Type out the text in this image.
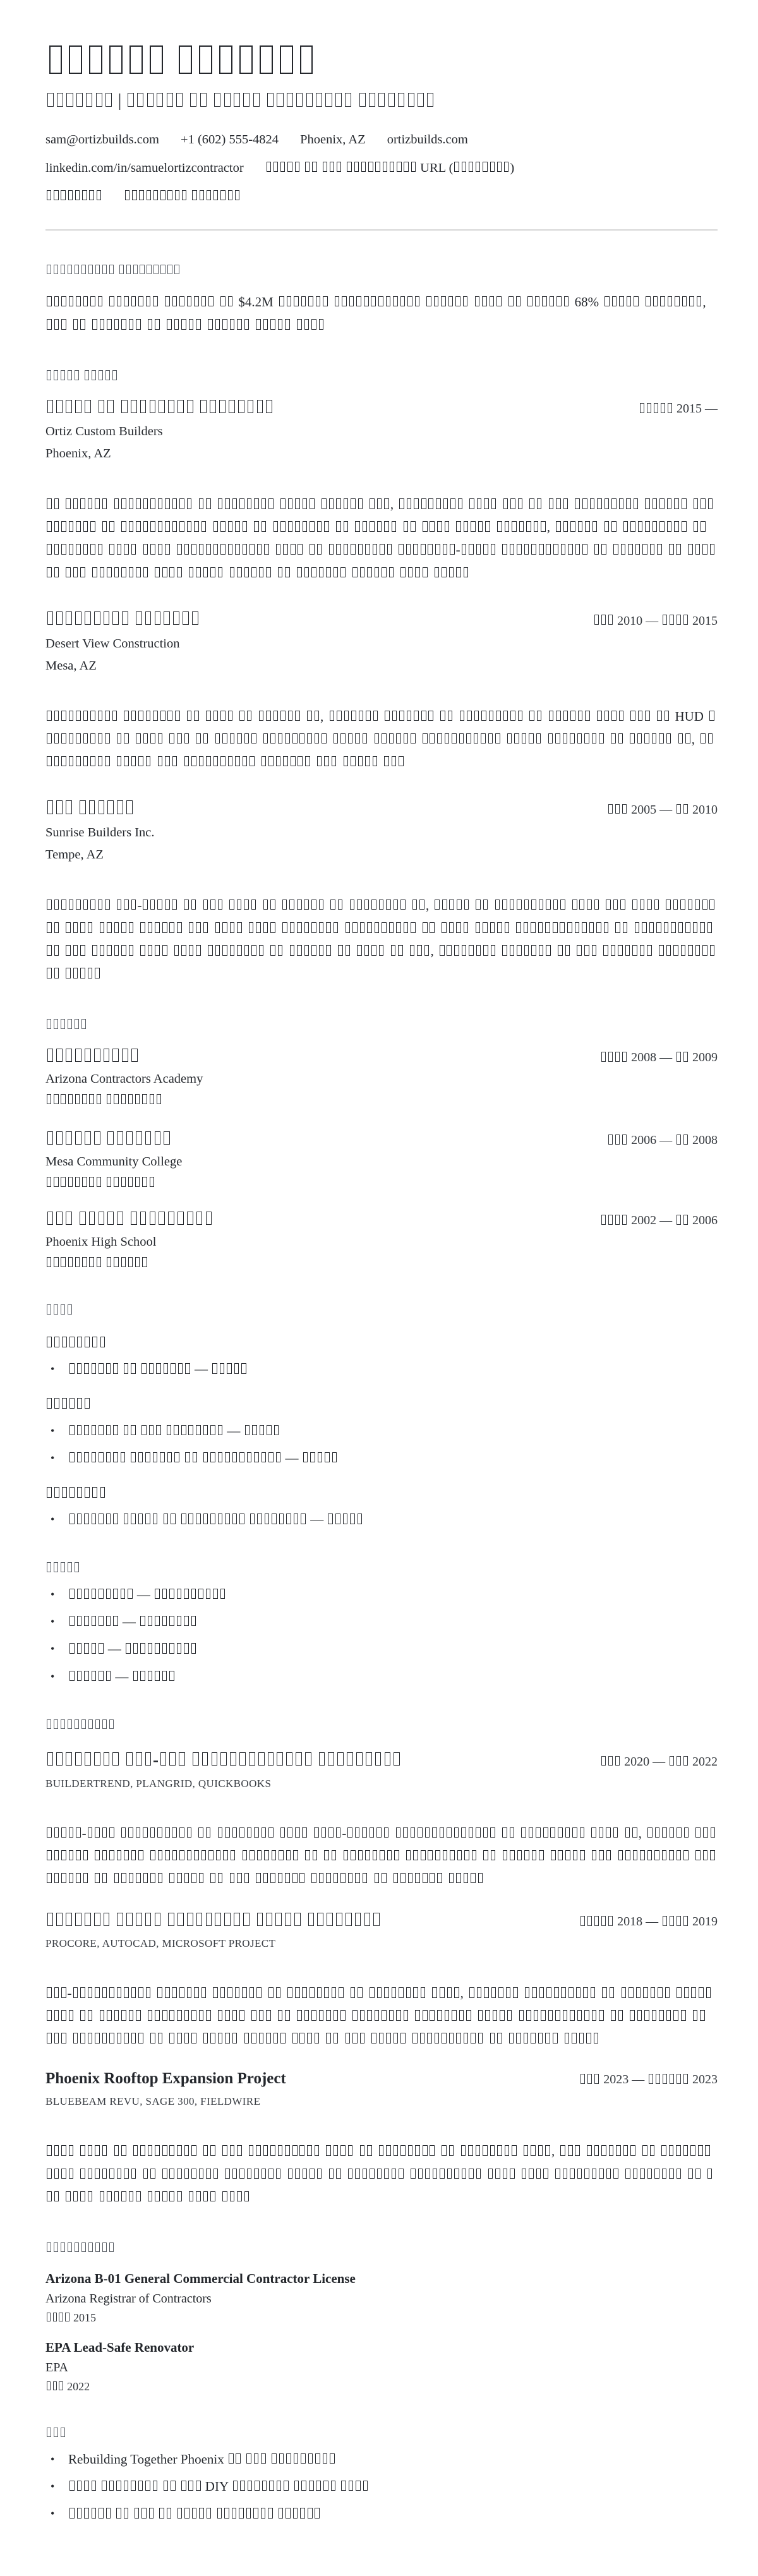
|
sam@ortizbuilds.com +1 (602) 555-4824 Phoenix, AZ ortizbuilds.com
linkedin.com/in/samuelortizcontractor	URL (	)

$4.2M	68%	,

2015 —
Ortiz Custom Builders
Phoenix, AZ
,                   ,            -

2010 —	2015
Desert View Construction
Mesa, AZ
,	HUD               ,

2005 — 2010
Sunrise Builders Inc.
Tempe, AZ
-	,                                 ,
2008 — 2009
Arizona Contractors Academy

2006 — 2008
Mesa Community College

2002 — 2006
Phoenix High School

• —
• —
• —
• —
• —
• —
• —
• —
-	2020 — 2022
BUILDERTREND, PLANGRID, QUICKBOOKS
-	-	,

2018 —	2019
PROCORE, AUTOCAD, MICROSOFT PROJECT
-	,
Phoenix Rooftop Expansion Project	2023 —	2023
BLUEBEAM REVU, SAGE 300, FIELDWIRE
,
Arizona B-01 General Commercial Contractor License
Arizona Registrar of Contractors
2015
EPA Lead-Safe Renovator
EPA
2022
• Rebuilding Together Phoenix
• DIY
•
